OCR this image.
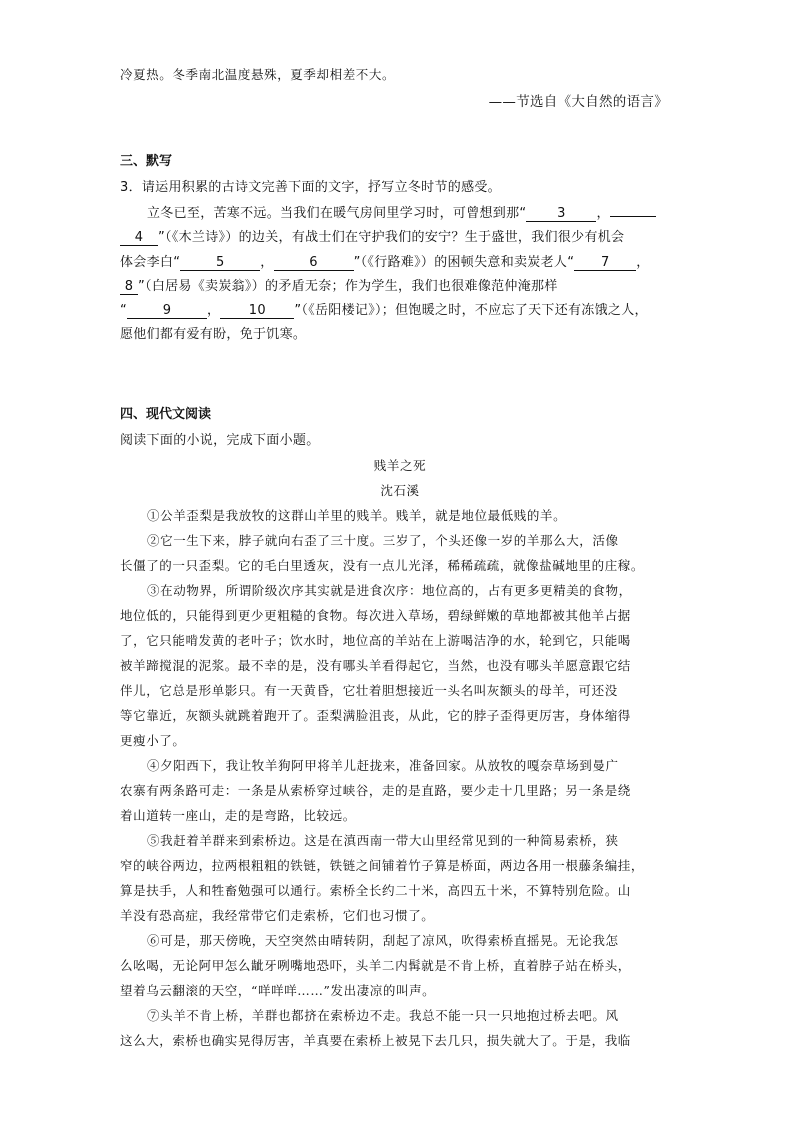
冷夏热。冬季南北温度悬殊，夏季却相差不大。
——节选自《大自然的语言》
三、默写
3．请运用积累的古诗文完善下面的文字，抒写立冬时节的感受。
立冬已至，苦寒不远。当我们在暖气房间里学习时，可曾想到那“ 3 ，
4 ”（《木兰诗》）的边关，有战士们在守护我们的安宁？生于盛世，我们很少有机会
体会李白“	5	，	6	”（《行路难》）的困顿失意和卖炭老人“ 7 ，
8 ”（白居易《卖炭翁》）的矛盾无奈；作为学生，我们也很难像范仲淹那样
“	9	， 10 ”（《岳阳楼记》）；但饱暖之时，不应忘了天下还有冻饿之人，
愿他们都有爱有盼，免于饥寒。
四、现代文阅读
阅读下面的小说，完成下面小题。
贱羊之死
沈石溪
①公羊歪梨是我放牧的这群山羊里的贱羊。贱羊，就是地位最低贱的羊。
②它一生下来，脖子就向右歪了三十度。三岁了，个头还像一岁的羊那么大，活像
长僵了的一只歪梨。它的毛白里透灰，没有一点儿光泽，稀稀疏疏，就像盐碱地里的庄稼。
③在动物界，所谓阶级次序其实就是进食次序：地位高的，占有更多更精美的食物，
地位低的，只能得到更少更粗糙的食物。每次进入草场，碧绿鲜嫩的草地都被其他羊占据
了，它只能啃发黄的老叶子；饮水时，地位高的羊站在上游喝洁净的水，轮到它，只能喝
被羊蹄搅混的泥浆。最不幸的是，没有哪头羊看得起它，当然，也没有哪头羊愿意跟它结
伴儿，它总是形单影只。有一天黄昏，它壮着胆想接近一头名叫灰额头的母羊，可还没
等它靠近，灰额头就跳着跑开了。歪梨满脸沮丧，从此，它的脖子歪得更厉害，身体缩得
更瘦小了。
④夕阳西下，我让牧羊狗阿甲将羊儿赶拢来，准备回家。从放牧的嘎奈草场到曼广
农寨有两条路可走：一条是从索桥穿过峡谷，走的是直路，要少走十几里路；另一条是绕
着山道转一座山，走的是弯路，比较远。
⑤我赶着羊群来到索桥边。这是在滇西南一带大山里经常见到的一种简易索桥，狭
窄的峡谷两边，拉两根粗粗的铁链，铁链之间铺着竹子算是桥面，两边各用一根藤条编挂，
算是扶手，人和牲畜勉强可以通行。索桥全长约二十米，高四五十米，不算特别危险。山
羊没有恐高症，我经常带它们走索桥，它们也习惯了。
⑥可是，那天傍晚，天空突然由晴转阴，刮起了凉风，吹得索桥直摇晃。无论我怎
么吆喝，无论阿甲怎么龇牙咧嘴地恐吓，头羊二内髯就是不肯上桥，直着脖子站在桥头，
望着乌云翻滚的天空，“咩咩咩……”发出凄凉的叫声。
⑦头羊不肯上桥，羊群也都挤在索桥边不走。我总不能一只一只地抱过桥去吧。风
这么大，索桥也确实晃得厉害，羊真要在索桥上被晃下去几只，损失就大了。于是，我临
